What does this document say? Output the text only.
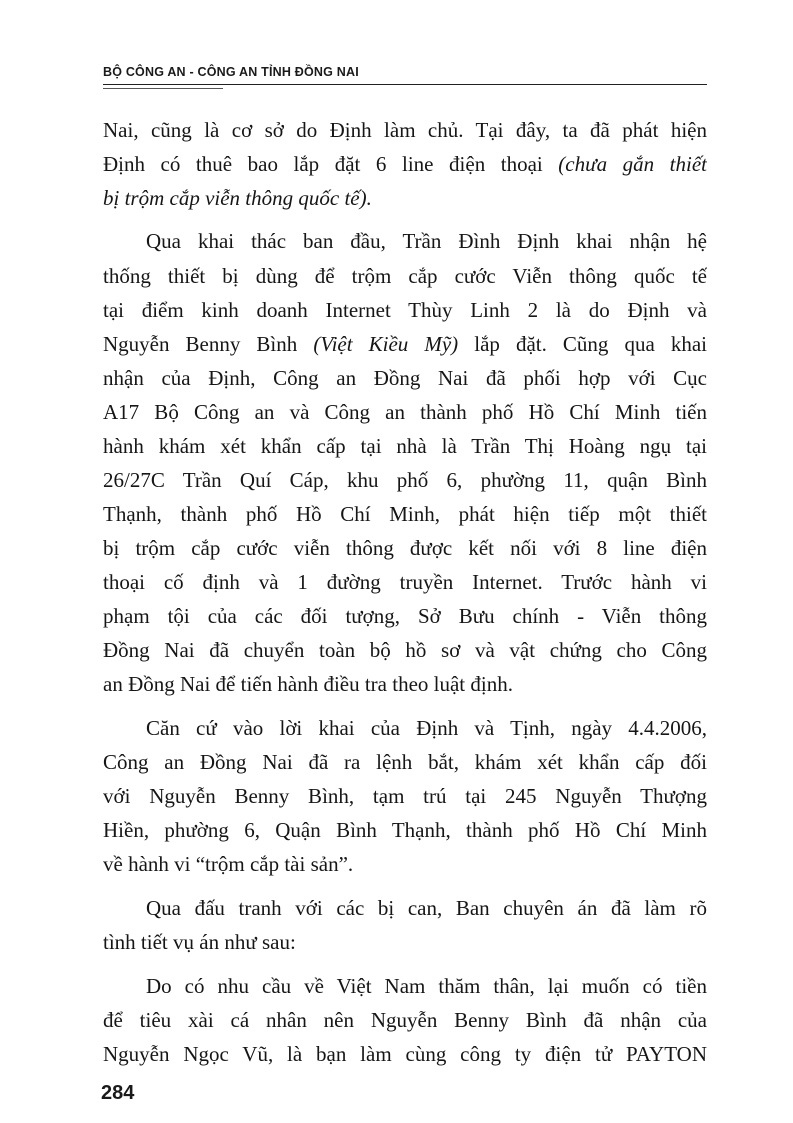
BỘ CÔNG AN - CÔNG AN TỈNH ĐỒNG NAI
Nai, cũng là cơ sở do Định làm chủ. Tại đây, ta đã phát hiện
Định có thuê bao lắp đặt 6 line điện thoại (chưa gắn thiết
bị trộm cắp viễn thông quốc tế).
Qua khai thác ban đầu, Trần Đình Định khai nhận hệ
thống thiết bị dùng để trộm cắp cước Viễn thông quốc tế
tại điểm kinh doanh Internet Thùy Linh 2 là do Định và
Nguyễn Benny Bình (Việt Kiều Mỹ) lắp đặt. Cũng qua khai
nhận của Định, Công an Đồng Nai đã phối hợp với Cục
A17 Bộ Công an và Công an thành phố Hồ Chí Minh tiến
hành khám xét khẩn cấp tại nhà là Trần Thị Hoàng ngụ tại
26/27C Trần Quí Cáp, khu phố 6, phường 11, quận Bình
Thạnh, thành phố Hồ Chí Minh, phát hiện tiếp một thiết
bị trộm cắp cước viễn thông được kết nối với 8 line điện
thoại cố định và 1 đường truyền Internet. Trước hành vi
phạm tội của các đối tượng, Sở Bưu chính - Viễn thông
Đồng Nai đã chuyển toàn bộ hồ sơ và vật chứng cho Công
an Đồng Nai để tiến hành điều tra theo luật định.
Căn cứ vào lời khai của Định và Tịnh, ngày 4.4.2006,
Công an Đồng Nai đã ra lệnh bắt, khám xét khẩn cấp đối
với Nguyễn Benny Bình, tạm trú tại 245 Nguyễn Thượng
Hiền, phường 6, Quận Bình Thạnh, thành phố Hồ Chí Minh
về hành vi “trộm cắp tài sản”.
Qua đấu tranh với các bị can, Ban chuyên án đã làm rõ
tình tiết vụ án như sau:
Do có nhu cầu về Việt Nam thăm thân, lại muốn có tiền
để tiêu xài cá nhân nên Nguyễn Benny Bình đã nhận của
Nguyễn Ngọc Vũ, là bạn làm cùng công ty điện tử PAYTON
284
